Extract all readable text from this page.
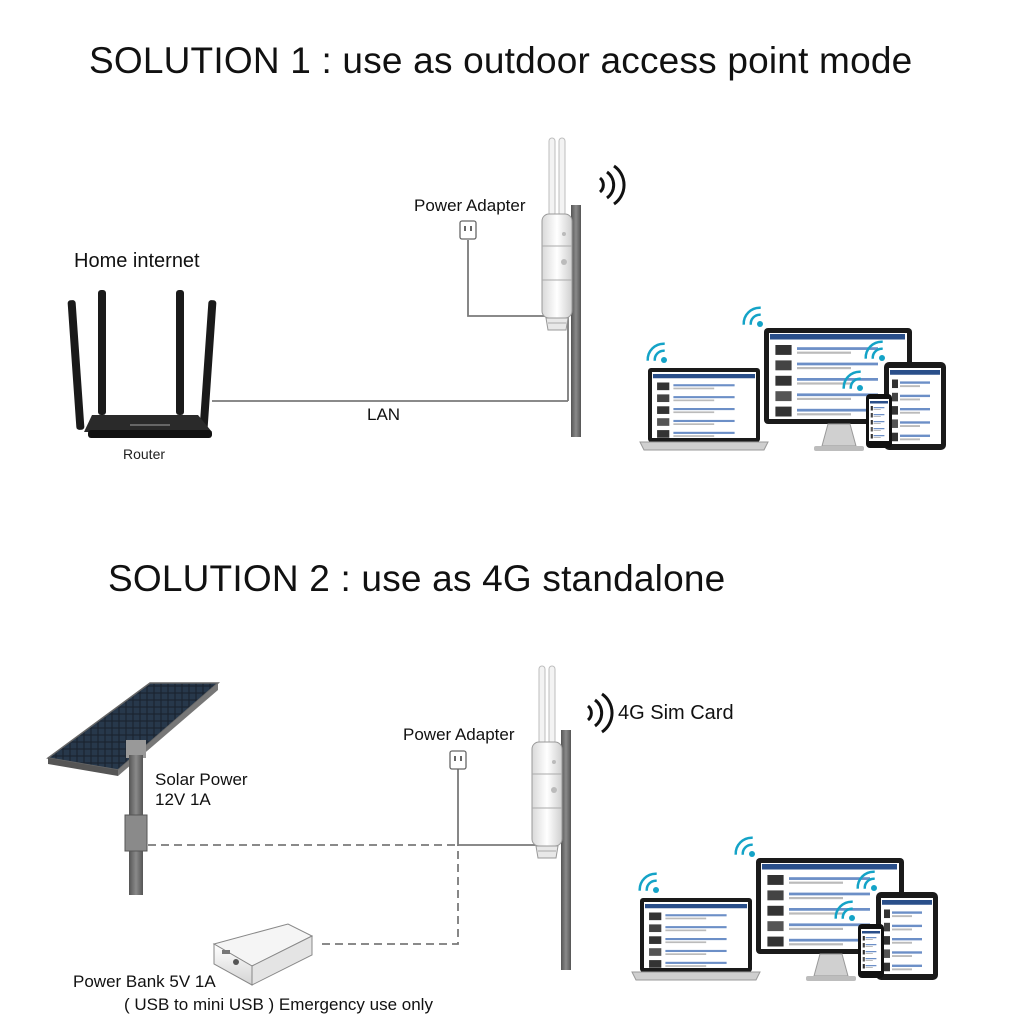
SOLUTION 1 : use as outdoor access point mode
Home internet
Router
Power Adapter
LAN
SOLUTION 2 : use as 4G standalone
Power Adapter
4G Sim Card
Solar Power
12V 1A
Power Bank 5V 1A
( USB to mini USB ) Emergency use only
